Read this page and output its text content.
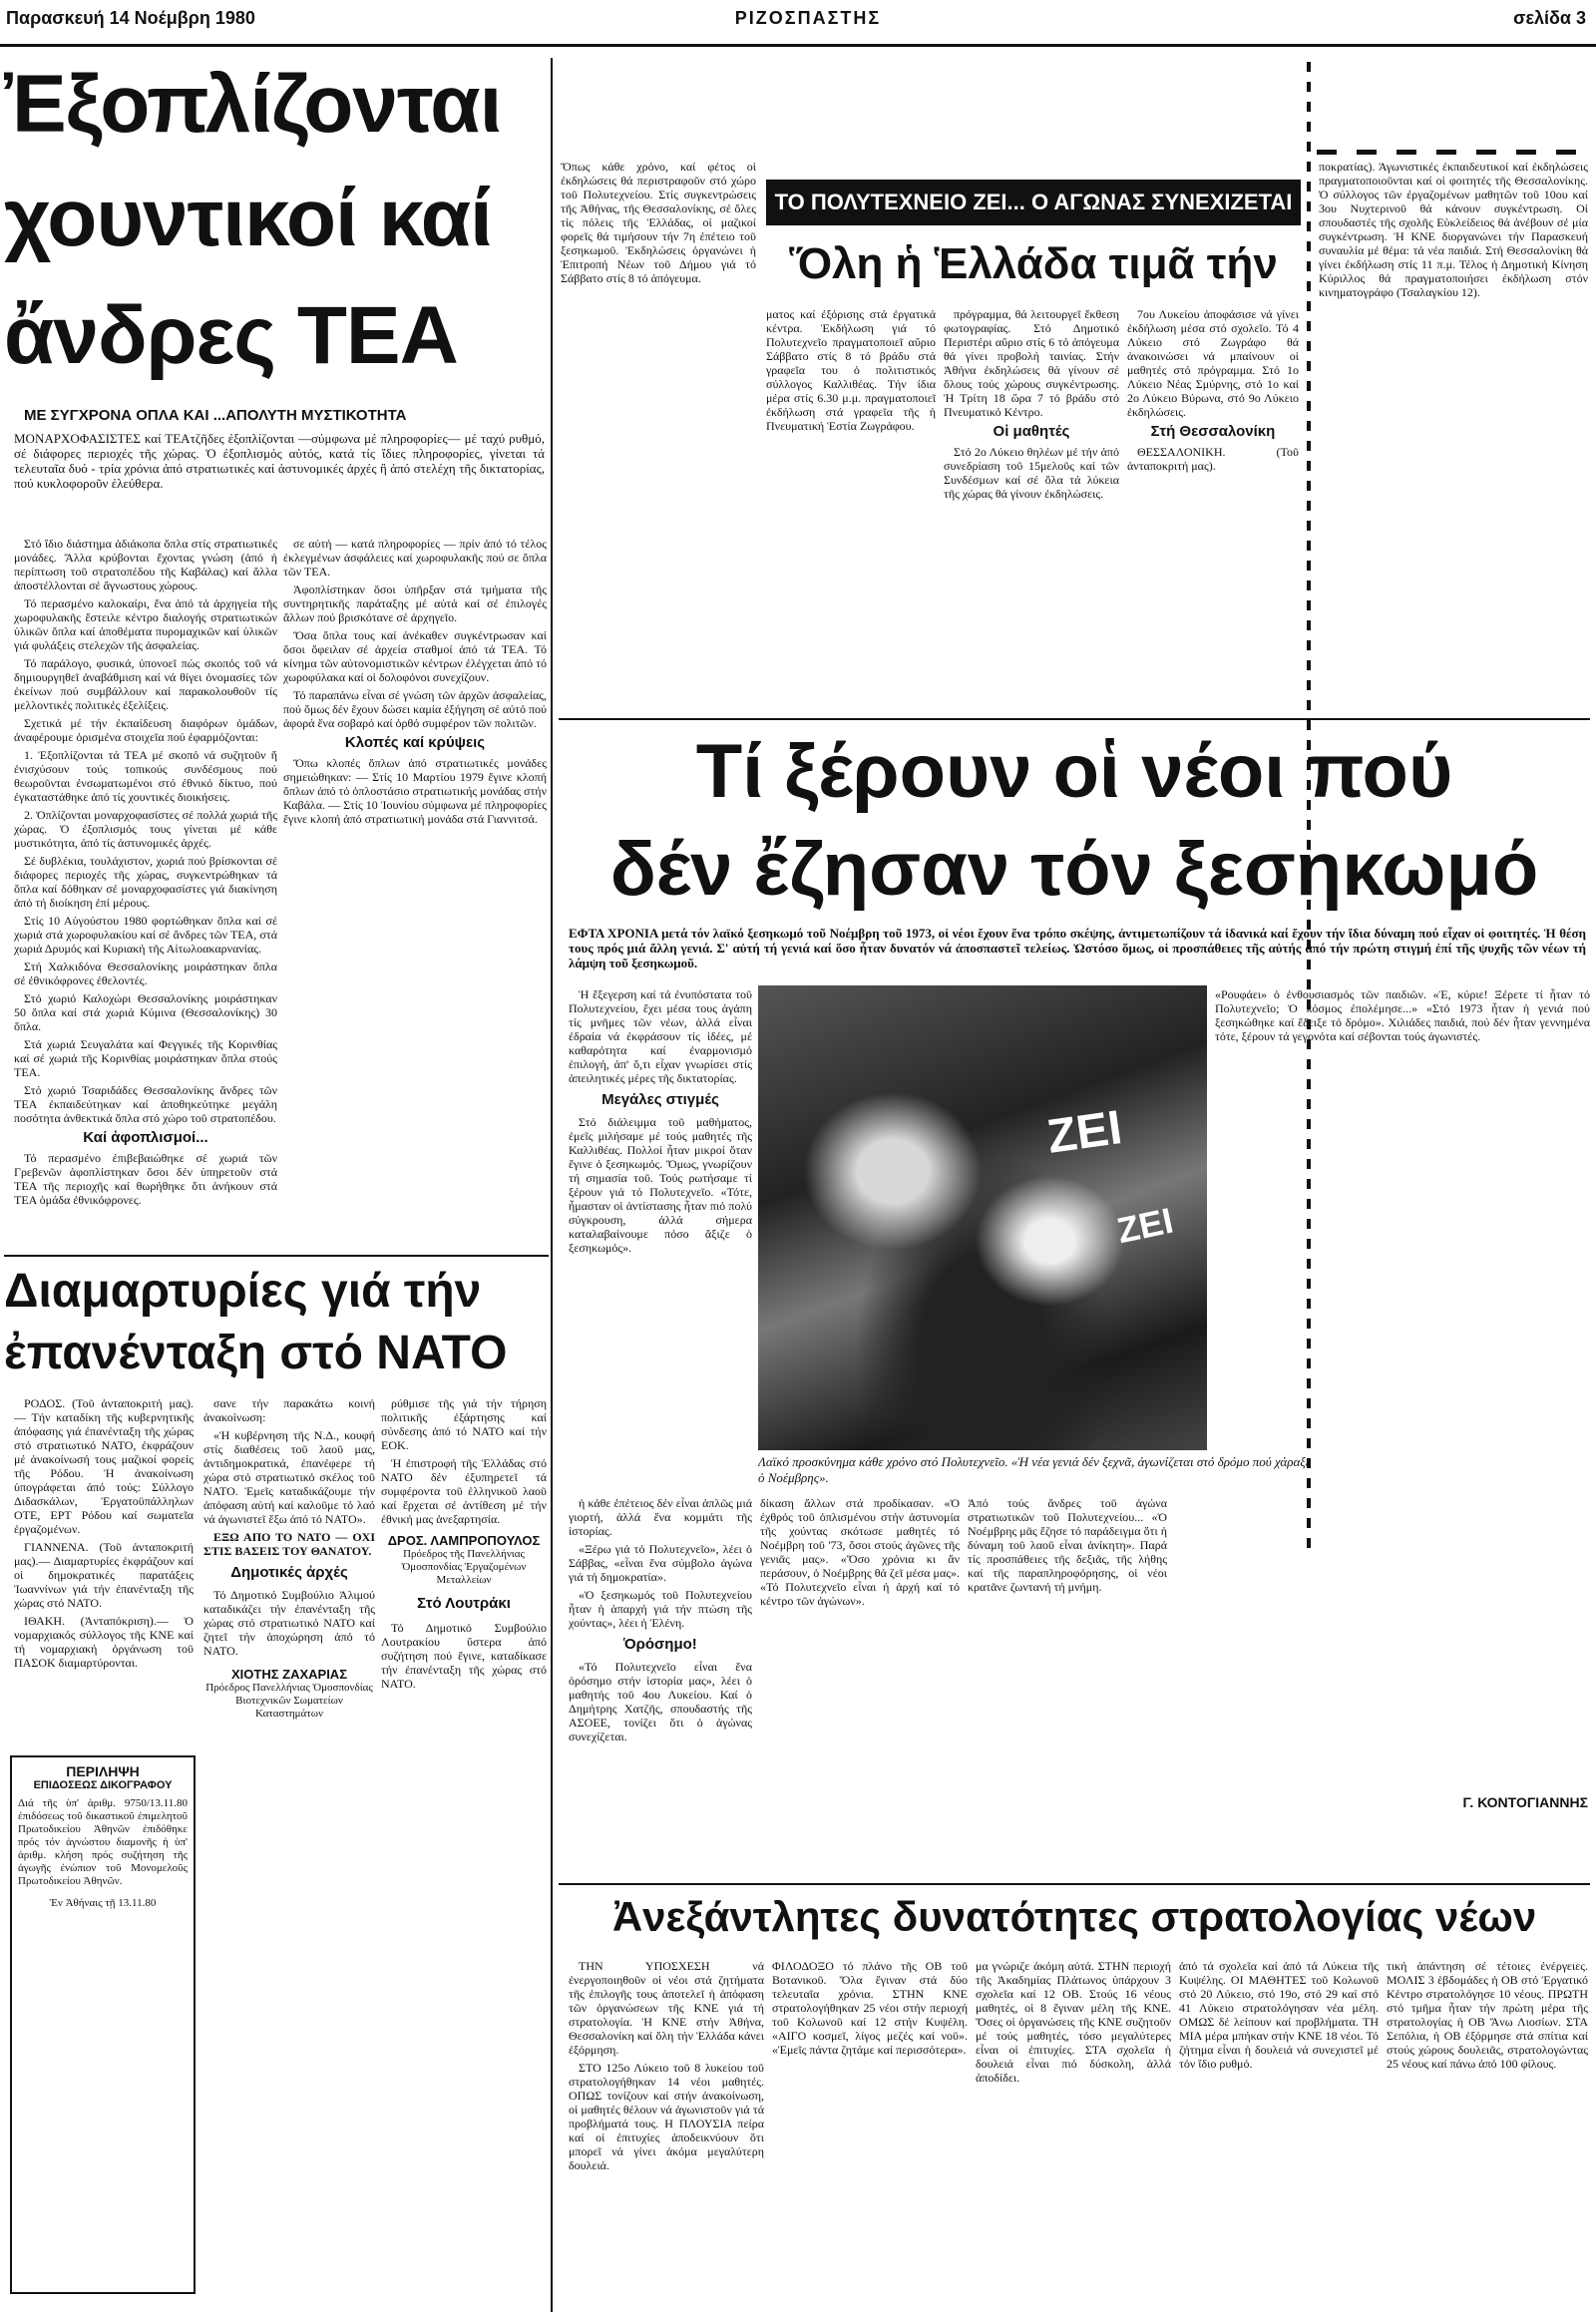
Παρασκευή 14 Νοέμβρη 1980	ΡΙΖΟΣΠΑΣΤΗΣ	σελίδα 3
Ἐξοπλίζονται
χουντικοί καί
ἄνδρες ΤΕΑ
ΜΕ ΣΥΓΧΡΟΝΑ ΟΠΛΑ ΚΑΙ ...ΑΠΟΛΥΤΗ ΜΥΣΤΙΚΟΤΗΤΑ
ΜΟΝΑΡΧΟΦΑΣΙΣΤΕΣ καί ΤΕΑτζῆδες ἐξοπλίζονται —σύμφωνα μέ πληροφορίες— μέ ταχύ ρυθμό, σέ διάφορες περιοχές τῆς χώρας. Ὁ ἐξοπλισμός αὐτός, κατά τίς ἴδιες πληροφορίες, γίνεται τά τελευταῖα δυό - τρία χρόνια ἀπό στρατιωτικές καί ἀστυνομικές ἀρχές ἢ ἀπό στελέχη τῆς δικτατορίας, πού κυκλοφοροῦν ἐλεύθερα.

Στό ἴδιο διάστημα ἀδιάκοπα ὅπλα στίς στρατιωτικές μονάδες. Ἄλλα κρύβονται ἔχοντας γνώση (ἀπό ἡ περίπτωση τοῦ στρατοπέδου τῆς Καβάλας) καί ἄλλα ἀποστέλλονται σέ ἄγνωστους χώρους.

Τό περασμένο καλοκαίρι, ἕνα ἀπό τά ἀρχηγεία τῆς χωροφυλακῆς ἔστειλε κέντρο διαλογής στρατιωτικών ὑλικῶν ὅπλα καί ἀποθέματα πυρομαχικῶν καί ὑλικῶν γιά φυλάξεις στελεχῶν τῆς ἀσφαλείας.

Τό παράλογο, φυσικά, ὑπονοεῖ πώς σκοπός τοῦ νά δημιουργηθεῖ ἀναβάθμιση καί νά θίγει ὀνομασίες τῶν ἐκείνων πού συμβάλλουν καί παρακολουθοῦν τίς μελλοντικές πολιτικές ἐξελίξεις.

Σχετικά μέ τήν ἐκπαίδευση διαφόρων ὁμάδων, ἀναφέρουμε ὁρισμένα στοιχεῖα πού ἐφαρμόζονται:

1. Ἐξοπλίζονται τά ΤΕΑ μέ σκοπό νά συζητοῦν ἤ ἐνισχύσουν τούς τοπικούς συνδέσμους πού θεωροῦνται ἐνσωματωμένοι στό ἐθνικό δίκτυο, πού ἐγκαταστάθηκε ἀπό τίς χουντικές διοικήσεις.

2. Ὁπλίζονται μοναρχοφασίστες σέ πολλά χωριά τῆς χώρας. Ὁ ἐξοπλισμός τους γίνεται μέ κάθε μυστικότητα, ἀπό τίς ἀστυνομικές ἀρχές.

Σέ δυβλέκια, τουλάχιστον, χωριά πού βρίσκονται σέ διάφορες περιοχές τῆς χώρας, συγκεντρώθηκαν τά ὅπλα καί δόθηκαν σέ μοναρχοφασίστες γιά διακίνηση ἀπό τή διοίκηση ἐπί μέρους.

Στίς 10 Αὐγούστου 1980 φορτώθηκαν ὅπλα καί σέ χωριά στά χωροφυλακίου καί σέ ἄνδρες τῶν ΤΕΑ, στά χωριά Δρυμός καί Κυριακή τῆς Αἰτωλοακαρνανίας.

Στή Χαλκιδόνα Θεσσαλονίκης μοιράστηκαν ὅπλα σέ ἐθνικόφρονες ἐθελοντές.

Στό χωριό Καλοχώρι Θεσσαλονίκης μοιράστηκαν 50 ὅπλα καί στά χωριά Κύμινα (Θεσσαλονίκης) 30 ὅπλα.

Στά χωριά Σευγαλάτα καί Φεγγικές τῆς Κορινθίας καί σέ χωριά τῆς Κορινθίας μοιράστηκαν ὅπλα στούς ΤΕΑ.

Στό χωριό Τσαριδάδες Θεσσαλονίκης ἄνδρες τῶν ΤΕΑ ἐκπαιδεύτηκαν καί ἀποθηκεύτηκε μεγάλη ποσότητα ἀνθεκτικά ὅπλα στό χώρο τοῦ στρατοπέδου.

Καί ἀφοπλισμοί...

Τό περασμένο ἐπιβεβαιώθηκε σέ χωριά τῶν Γρεβενῶν ἀφοπλίστηκαν ὅσοι δέν ὑπηρετοῦν στά ΤΕΑ τῆς περιοχῆς καί θωρήθηκε ὅτι ἀνήκουν στά ΤΕΑ ὁμάδα ἐθνικόφρονες.

σε αὐτή — κατά πληροφορίες — πρίν ἀπό τό τέλος ἐκλεγμένων ἀσφάλειες καί χωροφυλακῆς πού σε ὅπλα τῶν ΤΕΑ.

Ἀφοπλίστηκαν ὅσοι ὑπῆρξαν στά τμήματα τῆς συντηρητικῆς παράταξης μέ αὐτά καί σέ ἐπιλογές ἄλλων πού βρισκότανε σέ ἀρχηγεῖο.

Ὅσα ὅπλα τους καί ἀνέκαθεν συγκέντρωσαν καί ὅσοι ὄφειλαν σέ ἀρχεία σταθμοί ἀπό τά ΤΕΑ. Τό κίνημα τῶν αὐτονομιστικῶν κέντρων ἐλέγχεται ἀπό τό χωροφύλακα καί οἱ δολοφόνοι συνεχίζουν.

Τό παραπάνω εἶναι σέ γνώση τῶν ἀρχῶν ἀσφαλείας, πού ὅμως δέν ἔχουν δώσει καμία ἐξήγηση σέ αὐτό πού ἀφορά ἕνα σοβαρό καί ὀρθό συμφέρον τῶν πολιτῶν.

Κλοπές καί κρύψεις

Ὅπω κλοπές ὅπλων ἀπό στρατιωτικές μονάδες σημειώθηκαν: — Στίς 10 Μαρτίου 1979 ἔγινε κλοπή ὅπλων ἀπό τό ὁπλοστάσιο στρατιωτικής μονάδας στήν Καβάλα. — Στίς 10 Ἰουνίου σύμφωνα μέ πληροφορίες ἔγινε κλοπή ἀπό στρατιωτική μονάδα στά Γιαννιτσά.

Διαμαρτυρίες γιά τήν
ἐπανένταξη στό ΝΑΤΟ

ΡΟΔΟΣ. (Τοῦ ἀνταποκριτή μας).— Τήν καταδίκη τῆς κυβερνητικῆς ἀπόφασης γιά ἐπανένταξη τῆς χώρας στό στρατιωτικό ΝΑΤΟ, ἐκφράζουν μέ ἀνακοίνωσή τους μαζικοί φορείς τῆς Ρόδου. Ἡ ἀνακοίνωση ὑπογράφεται ἀπό τούς: Σύλλογο Διδασκάλων, Ἐργατοϋπάλληλων ΟΤΕ, ΕΡΤ Ρόδου καί σωματεῖα ἐργαζομένων.

ΓΙΑΝΝΕΝΑ. (Τοῦ ἀνταποκριτή μας).— Διαμαρτυρίες ἐκφράζουν καί οἱ δημοκρατικές παρατάξεις Ἰωαννίνων γιά τήν ἐπανένταξη τῆς χώρας στό ΝΑΤΟ.

ΙΘΑΚΗ. (Ἀνταπόκριση).— Ὁ νομαρχιακός σύλλογος τῆς ΚΝΕ καί τή νομαρχιακή ὀργάνωση τοῦ ΠΑΣΟΚ διαμαρτύρονται.

ΠΕΡΙΛΗΨΗ
ΕΠΙΔΟΣΕΩΣ ΔΙΚΟΓΡΑΦΟΥ
Διά τῆς ὑπ' ἀριθμ. 9750/13.11.80 ἐπιδόσεως τοῦ δικαστικοῦ ἐπιμελητοῦ Πρωτοδικείου Ἀθηνῶν ἐπιδόθηκε πρός τόν ἀγνώστου διαμονῆς ἡ ὑπ' ἀριθμ. κλήση πρός συζήτηση τῆς ἀγωγῆς ἐνώπιον τοῦ Μονομελοῦς Πρωτοδικείου Ἀθηνῶν.
Ἐν Ἀθήναις τῇ 13.11.80

σανε τήν παρακάτω κοινή ἀνακοίνωση:

«Ἡ κυβέρνηση τῆς Ν.Δ., κουφή στίς διαθέσεις τοῦ λαοῦ μας, ἀντιδημοκρατικά, ἐπανέφερε τή χώρα στό στρατιωτικό σκέλος τοῦ ΝΑΤΟ. Ἐμεῖς καταδικάζουμε τήν ἀπόφαση αὐτή καί καλοῦμε τό λαό νά ἀγωνιστεῖ ἔξω ἀπό τό ΝΑΤΟ».

ΕΞΩ ΑΠΟ ΤΟ ΝΑΤΟ — ΟΧΙ ΣΤΙΣ ΒΑΣΕΙΣ ΤΟΥ ΘΑΝΑΤΟΥ.

Δημοτικές ἀρχές

Τό Δημοτικό Συμβούλιο Ἀλιμού καταδικάζει τήν ἐπανένταξη τῆς χώρας στό στρατιωτικό ΝΑΤΟ καί ζητεῖ τήν ἀποχώρηση ἀπό τό ΝΑΤΟ.

ΧΙΟΤΗΣ ΖΑΧΑΡΙΑΣ
Πρόεδρος Πανελλήνιας Ὁμοσπονδίας Βιοτεχνικῶν Σωματείων Καταστημάτων

ρύθμισε τῆς γιά τήν τήρηση πολιτικῆς ἐξάρτησης καί σύνδεσης ἀπό τό ΝΑΤΟ καί τήν ΕΟΚ.

Ἡ ἐπιστροφή τῆς Ἑλλάδας στό ΝΑΤΟ δέν ἐξυπηρετεῖ τά συμφέροντα τοῦ ἑλληνικοῦ λαοῦ καί ἔρχεται σέ ἀντίθεση μέ τήν ἐθνική μας ἀνεξαρτησία.

ΔΡΟΣ. ΛΑΜΠΡΟΠΟΥΛΟΣ
Πρόεδρος τῆς Πανελλήνιας Ὁμοσπονδίας Ἐργαζομένων Μεταλλείων
Στό Λουτράκι

Τό Δημοτικό Συμβούλιο Λουτρακίου ὕστερα ἀπό συζήτηση πού ἔγινε, καταδίκασε τήν ἐπανένταξη τῆς χώρας στό ΝΑΤΟ.

Ὅπως κάθε χρόνο, καί φέτος οἱ ἐκδηλώσεις θά περιστραφοῦν στό χώρο τοῦ Πολυτεχνείου. Στίς συγκεντρώσεις τῆς Ἀθήνας, τῆς Θεσσαλονίκης, σέ ὅλες τίς πόλεις τῆς Ἑλλάδας, οἱ μαζικοί φορεῖς θά τιμήσουν τήν 7η ἐπέτειο τοῦ ξεσηκωμοῦ. Ἐκδηλώσεις ὀργανώνει ἡ Ἐπιτροπή Νέων τοῦ Δήμου γιά τό Σάββατο στίς 8 τό ἀπόγευμα.
ΤΟ ΠΟΛΥΤΕΧΝΕΙΟ ΖΕΙ... Ο ΑΓΩΝΑΣ ΣΥΝΕΧΙΖΕΤΑΙ
Ὅλη ἡ Ἑλλάδα τιμᾶ τήν
ματος καί ἐξόρισης στά ἐργατικά κέντρα. Ἐκδήλωση γιά τό Πολυτεχνεῖο πραγματοποιεῖ αὔριο Σάββατο στίς 8 τό βράδυ στά γραφεῖα του ὁ πολιτιστικός σύλλογος Καλλιθέας. Τήν ίδια μέρα στίς 6.30 μ.μ. πραγματοποιεῖ ἐκδήλωση στά γραφεῖα τῆς ἡ Πνευματική Ἑστία Ζωγράφου.

πρόγραμμα, θά λειτουργεῖ ἔκθεση φωτογραφίας. Στό Δημοτικό Περιστέρι αὔριο στίς 6 τό ἀπόγευμα θά γίνει προβολή ταινίας. Στήν Ἀθήνα ἐκδηλώσεις θά γίνουν σέ ὅλους τούς χώρους συγκέντρωσης. Ἡ Τρίτη 18 ὥρα 7 τό βράδυ στό Πνευματικό Κέντρο.

Οἱ μαθητές

Στό 2ο Λύκειο θηλέων μέ τήν ἀπό συνεδρίαση τοῦ 15μελοῦς καί τῶν Συνδέσμων καί σέ ὅλα τά λύκεια τῆς χώρας θά γίνουν ἐκδηλώσεις.

7ου Λυκείου ἀποφάσισε νά γίνει ἐκδήλωση μέσα στό σχολεῖο. Τό 4 Λύκειο στό Ζωγράφο θά ἀνακοινώσει νά μπαίνουν οἱ μαθητές στό πρόγραμμα. Στό 1ο Λύκειο Νέας Σμύρνης, στό 1ο καί 2ο Λύκειο Βύρωνα, στό 9ο Λύκειο ἐκδηλώσεις.

Στή Θεσσαλονίκη

ΘΕΣΣΑΛΟΝΙΚΗ. (Τοῦ ἀνταποκριτή μας).

ποκρατίας). Άγωνιστικές ἐκπαιδευτικοί καί ἐκδηλώσεις πραγματοποιοῦνται καί οἱ φοιτητές τῆς Θεσσαλονίκης. Ὁ σύλλογος τῶν ἐργαζομένων μαθητῶν τοῦ 10ου καί 3ου Νυχτερινοῦ θά κάνουν συγκέντρωση. Οἱ σπουδαστές τῆς σχολῆς Εὐκλείδειος θά ἀνέβουν σέ μία συγκέντρωση. Ἡ ΚΝΕ διοργανώνει τήν Παρασκευή συναυλία μέ θέμα: τά νέα παιδιά. Στή Θεσσαλονίκη θά γίνει ἐκδήλωση στίς 11 π.μ. Τέλος ἡ Δημοτική Κίνηση Κύριλλος θά πραγματοποιήσει ἐκδήλωση στόν κινηματογράφο (Τσαλαγκίου 12).
Τί ξέρουν οἱ νέοι πού
δέν ἔζησαν τόν ξεσηκωμό
ΕΦΤΑ ΧΡΟΝΙΑ μετά τόν λαϊκό ξεσηκωμό τοῦ Νοέμβρη τοῦ 1973, οἱ νέοι ἔχουν ἕνα τρόπο σκέψης, ἀντιμετωπίζουν τά ἰδανικά καί ἔχουν τήν ἴδια δύναμη πού εἶχαν οἱ φοιτητές. Ἡ θέση τους πρός μιά ἄλλη γενιά. Σ' αὐτή τή γενιά καί ὅσο ἦταν δυνατόν νά ἀποσπαστεῖ τελείως. Ὡστόσο ὅμως, οἱ προσπάθειες τῆς αὐτής ἀπό τήν πρώτη στιγμή ἐπί τῆς ψυχῆς τῶν νέων τή λάμψη τοῦ ξεσηκωμοῦ.

Ἡ ἔξεγερση καί τά ἐνυπόστατα τοῦ Πολυτεχνείου, ἔχει μέσα τους ἀγάπη τίς μνῆμες τῶν νέων, ἀλλά εἶναι ἐδραία νά ἐκφράσουν τίς ἰδέες, μέ καθαρότητα καί ἐναρμονισμό ἐπιλογή, ἀπ' ὅ,τι εἶχαν γνωρίσει στίς ἀπειλητικές μέρες τῆς δικτατορίας.

Μεγάλες στιγμές

Στό διάλειμμα τοῦ μαθήματος, ἐμεῖς μιλήσαμε μέ τούς μαθητές τῆς Καλλιθέας. Πολλοί ἦταν μικροί ὅταν ἔγινε ὁ ξεσηκωμός. Ὅμως, γνωρίζουν τή σημασία τοῦ. Τούς ρωτήσαμε τί ξέρουν γιά τό Πολυτεχνεῖο. «Τότε, ἦμασταν οἱ ἀντίστασης ἦταν πιό πολύ σύγκρουση, ἀλλά σήμερα καταλαβαίνουμε πόσο ἄξιζε ὁ ξεσηκωμός».

ΖΕΙ
ΖΕΙ
«Ρουφάει» ὁ ἐνθουσιασμός τῶν παιδιῶν. «Ἐ, κύριε! Ξέρετε τί ἦταν τό Πολυτεχνεῖο; Ὁ κόσμος ἐπολέμησε...» «Στό 1973 ἦταν ἡ γενιά πού ξεσηκώθηκε καί ἔδειξε τό δρόμο». Χιλιάδες παιδιά, πού δέν ἦταν γεννημένα τότε, ξέρουν τά γεγονότα καί σέβονται τούς ἀγωνιστές.
Λαϊκό προσκύνημα κάθε χρόνο στό Πολυτεχνεῖο. «Ἡ νέα γενιά δέν ξεχνᾶ, ἀγωνίζεται στό δρόμο πού χάραξε ὁ Νοέμβρης».

ἡ κάθε ἐπέτειος δέν εἶναι ἁπλῶς μιά γιορτή, ἀλλά ἕνα κομμάτι τῆς ἱστορίας.

«Ξέρω γιά τό Πολυτεχνεῖο», λέει ὁ Σάββας, «εἶναι ἕνα σύμβολο ἀγώνα γιά τή δημοκρατία».

«Ὁ ξεσηκωμός τοῦ Πολυτεχνείου ἦταν ἡ ἀπαρχή γιά τήν πτώση τῆς χούντας», λέει ἡ Ἑλένη.

Ὁρόσημο!

«Τό Πολυτεχνεῖο εἶναι ἕνα ὁρόσημο στήν ἱστορία μας», λέει ὁ μαθητής τοῦ 4ου Λυκείου. Καί ὁ Δημήτρης Χατζῆς, σπουδαστής τῆς ΑΣΟΕΕ, τονίζει ὅτι ὁ ἀγώνας συνεχίζεται.

δίκαση ἄλλων στά προδίκασαν. «Ὁ ἐχθρός τοῦ ὁπλισμένου στήν ἀστυνομία τῆς χούντας σκότωσε μαθητές τό Νοέμβρη τοῦ '73, ὅσοι στούς ἀγῶνες τῆς γενιᾶς μας». «Ὅσο χρόνια κι ἄν περάσουν, ὁ Νοέμβρης θά ζεῖ μέσα μας». «Τό Πολυτεχνεῖο εἶναι ἡ ἀρχή καί τό κέντρο τῶν ἀγώνων».
Ἀπό τούς ἄνδρες τοῦ ἀγώνα στρατιωτικῶν τοῦ Πολυτεχνείου... «Ὁ Νοέμβρης μᾶς ἔζησε τό παράδειγμα ὅτι ἡ δύναμη τοῦ λαοῦ εἶναι ἀνίκητη». Παρά τίς προσπάθειες τῆς δεξιᾶς, τῆς λήθης καί τῆς παραπληροφόρησης, οἱ νέοι κρατᾶνε ζωντανή τή μνήμη.
Γ. ΚΟΝΤΟΓΙΑΝΝΗΣ
Ἀνεξάντλητες δυνατότητες στρατολογίας νέων

ΤΗΝ ΥΠΟΣΧΕΣΗ νά ἐνεργοποιηθοῦν οἱ νέοι στά ζητήματα τῆς ἐπιλογῆς τους ἀποτελεῖ ἡ ἀπόφαση τῶν ὀργανώσεων τῆς ΚΝΕ γιά τή στρατολογία. Ἡ ΚΝΕ στήν Ἀθήνα, Θεσσαλονίκη καί ὅλη τήν Ἑλλάδα κάνει ἐξόρμηση.

ΣΤΟ 125ο Λύκειο τοῦ 8 λυκείου τοῦ στρατολογήθηκαν 14 νέοι μαθητές. ΟΠΩΣ τονίζουν καί στήν ἀνακοίνωση, οἱ μαθητές θέλουν νά ἀγωνιστοῦν γιά τά προβλήματά τους. Η ΠΛΟΥΣΙΑ πείρα καί οἱ ἐπιτυχίες ἀποδεικνύουν ὅτι μπορεῖ νά γίνει ἀκόμα μεγαλύτερη δουλειά.

ΦΙΛΟΔΟΞΟ τό πλάνο τῆς ΟΒ τοῦ Βοτανικοῦ. Ὅλα ἔγιναν στά δύο τελευταῖα χρόνια. ΣΤΗΝ ΚΝΕ στρατολογήθηκαν 25 νέοι στήν περιοχή τοῦ Κολωνοῦ καί 12 στήν Κυψέλη. «ΑΙΓΟ κοσμεῖ, λίγος μεζές καί νοῦ». «Ἐμεῖς πάντα ζητάμε καί περισσότερα».
μα γνώριζε ἀκόμη αὐτά. ΣΤΗΝ περιοχή τῆς Ἀκαδημίας Πλάτωνος ὑπάρχουν 3 σχολεῖα καί 12 ΟΒ. Στούς 16 νέους μαθητές, οἱ 8 ἔγιναν μέλη τῆς ΚΝΕ. Ὅσες οἱ ὀργανώσεις τῆς ΚΝΕ συζητοῦν μέ τούς μαθητές, τόσο μεγαλύτερες εἶναι οἱ ἐπιτυχίες. ΣΤΑ σχολεῖα ἡ δουλειά εἶναι πιό δύσκολη, ἀλλά ἀποδίδει.
ἀπό τά σχολεῖα καί ἀπό τά Λύκεια τῆς Κυψέλης. ΟΙ ΜΑΘΗΤΕΣ τοῦ Κολωνοῦ στό 20 Λύκειο, στό 19ο, στό 29 καί στό 41 Λύκειο στρατολόγησαν νέα μέλη. ΟΜΩΣ δέ λείπουν καί προβλήματα. ΤΗ ΜΙΑ μέρα μπήκαν στήν ΚΝΕ 18 νέοι. Τό ζήτημα εἶναι ἡ δουλειά νά συνεχιστεῖ μέ τόν ἴδιο ρυθμό.
τική ἀπάντηση σέ τέτοιες ἐνέργειες. ΜΟΛΙΣ 3 ἑβδομάδες ἡ ΟΒ στό Ἐργατικό Κέντρο στρατολόγησε 10 νέους. ΠΡΩΤΗ στό τμῆμα ἦταν τήν πρώτη μέρα τῆς στρατολογίας ἡ ΟΒ Ἄνω Λιοσίων. ΣΤΑ Σεπόλια, ἡ ΟΒ ἐξόρμησε στά σπίτια καί στούς χώρους δουλειᾶς, στρατολογώντας 25 νέους καί πάνω ἀπό 100 φίλους.
